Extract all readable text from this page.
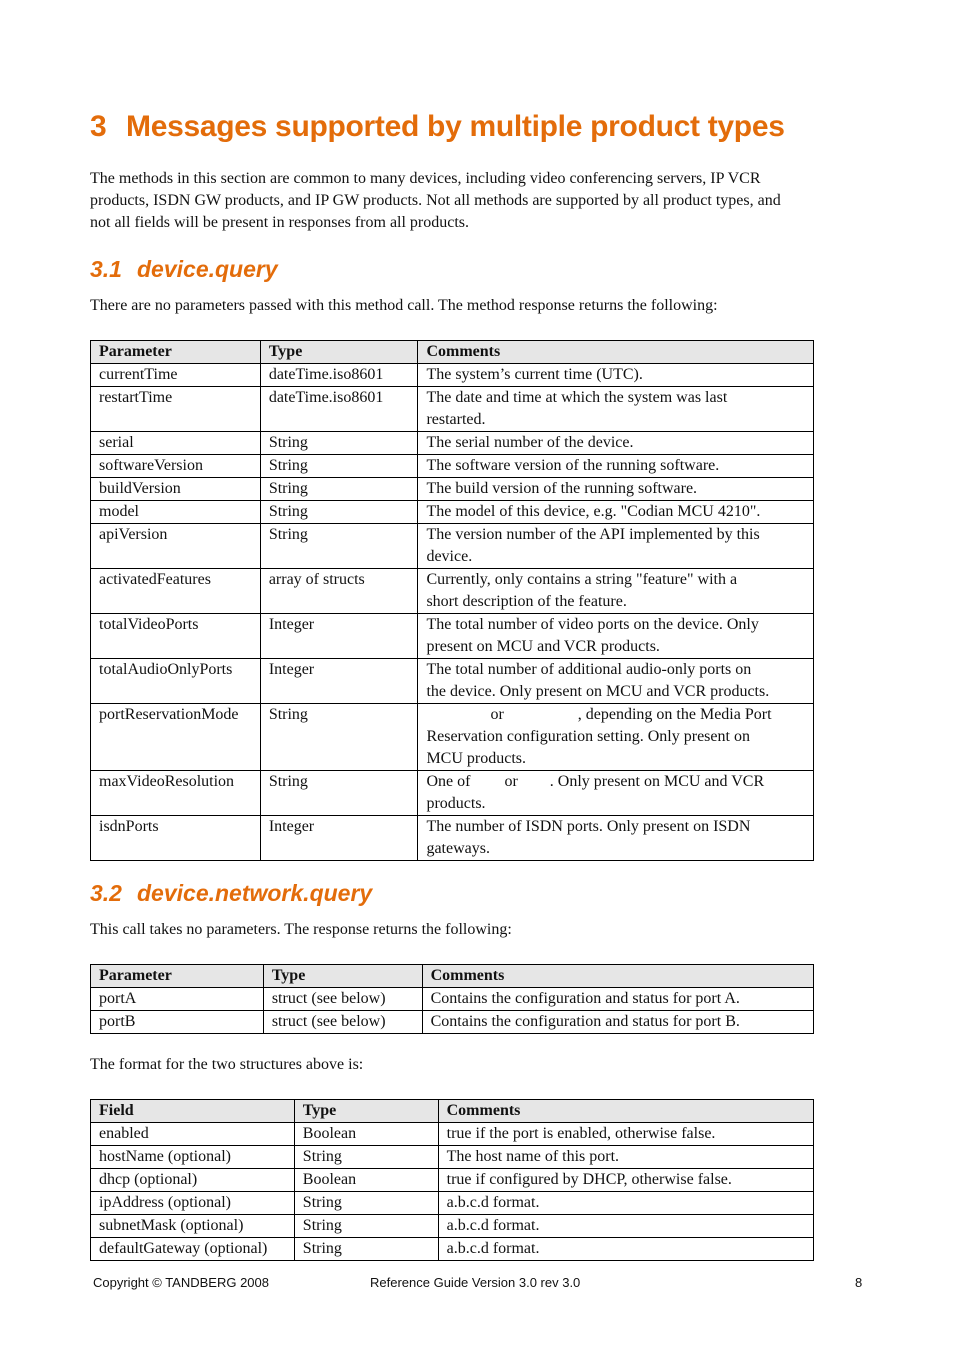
3 Messages supported by multiple product types

The methods in this section are common to many devices, including video conferencing servers, IP VCR
products, ISDN GW products, and IP GW products. Not all methods are supported by all product types, and
not all fields will be present in responses from all products.

3.1 device.query

There are no parameters passed with this method call. The method response returns the following:

Parameter	Type	Comments
currentTime	dateTime.iso8601	The system’s current time (UTC).

restartTime	dateTime.iso8601	The date and time at which the system was last
restarted.

serial	String	The serial number of the device.

softwareVersion	String	The software version of the running software.

buildVersion	String	The build version of the running software.

model	String	The model of this device, e.g. "Codian MCU 4210".

apiVersion	String	The version number of the API implemented by this
device.

activatedFeatures	array of structs	Currently, only contains a string "feature" with a
short description of the feature.

totalVideoPorts	Integer	The total number of video ports on the device. Only
present on MCU and VCR products.

totalAudioOnlyPorts	Integer	The total number of additional audio-only ports on
the device. Only present on MCU and VCR products.

portReservationMode	String	or , depending on the Media Port
Reservation configuration setting. Only present on
MCU products.

maxVideoResolution	String	One of or . Only present on MCU and VCR
products.

isdnPorts	Integer	The number of ISDN ports. Only present on ISDN
gateways.
3.2 device.network.query

This call takes no parameters. The response returns the following:

Parameter	Type	Comments
portA	struct (see below)	Contains the configuration and status for port A.
portB	struct (see below)	Contains the configuration and status for port B.

The format for the two structures above is:

Field	Type	Comments
enabled	Boolean	true if the port is enabled, otherwise false.
hostName (optional)	String	The host name of this port.
dhcp (optional)	Boolean	true if configured by DHCP, otherwise false.
ipAddress (optional)	String	a.b.c.d format.
subnetMask (optional)	String	a.b.c.d format.
defaultGateway (optional)	String	a.b.c.d format.
Copyright © TANDBERG 2008	Reference Guide Version 3.0 rev 3.0	8
